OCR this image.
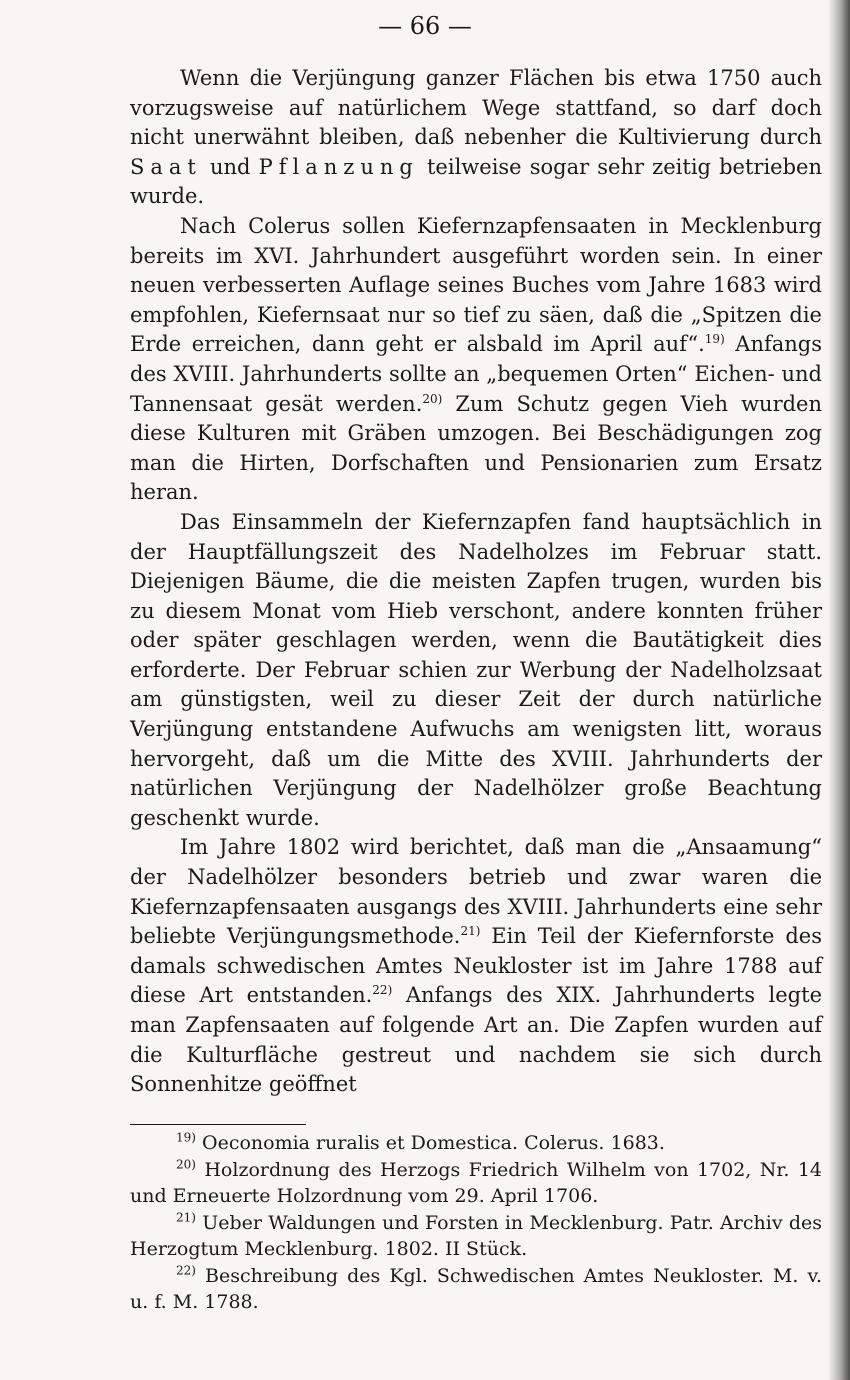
— 66 —

Wenn die Verjüngung ganzer Flächen bis etwa 1750 auch vorzugsweise auf natürlichem Wege stattfand, so darf doch nicht unerwähnt bleiben, daß nebenher die Kultivierung durch Saat und Pflanzung teilweise sogar sehr zeitig betrieben wurde.

Nach Colerus sollen Kiefernzapfensaaten in Mecklenburg bereits im XVI. Jahrhundert ausgeführt worden sein. In einer neuen verbesserten Auflage seines Buches vom Jahre 1683 wird empfohlen, Kiefernsaat nur so tief zu säen, daß die „Spitzen die Erde erreichen, dann geht er alsbald im April auf“.$^{19)}$ Anfangs des XVIII. Jahrhunderts sollte an „bequemen Orten“ Eichen- und Tannensaat gesät werden.$^{20)}$ Zum Schutz gegen Vieh wurden diese Kulturen mit Gräben umzogen. Bei Beschädigungen zog man die Hirten, Dorfschaften und Pensionarien zum Ersatz heran.

Das Einsammeln der Kiefernzapfen fand hauptsächlich in der Hauptfällungszeit des Nadelholzes im Februar statt. Diejenigen Bäume, die die meisten Zapfen trugen, wurden bis zu diesem Monat vom Hieb verschont, andere konnten früher oder später geschlagen werden, wenn die Bautätigkeit dies erforderte. Der Februar schien zur Werbung der Nadelholzsaat am günstigsten, weil zu dieser Zeit der durch natürliche Verjüngung entstandene Aufwuchs am wenigsten litt, woraus hervorgeht, daß um die Mitte des XVIII. Jahrhunderts der natürlichen Verjüngung der Nadelhölzer große Beachtung geschenkt wurde.

Im Jahre 1802 wird berichtet, daß man die „Ansaamung“ der Nadelhölzer besonders betrieb und zwar waren die Kiefernzapfensaaten ausgangs des XVIII. Jahrhunderts eine sehr beliebte Verjüngungsmethode.$^{21)}$ Ein Teil der Kiefernforste des damals schwedischen Amtes Neukloster ist im Jahre 1788 auf diese Art entstanden.$^{22)}$ Anfangs des XIX. Jahrhunderts legte man Zapfensaaten auf folgende Art an. Die Zapfen wurden auf die Kulturfläche gestreut und nachdem sie sich durch Sonnenhitze geöffnet

$^{19)}$ Oeconomia ruralis et Domestica. Colerus. 1683.

$^{20)}$ Holzordnung des Herzogs Friedrich Wilhelm von 1702, Nr. 14 und Erneuerte Holzordnung vom 29. April 1706.

$^{21)}$ Ueber Waldungen und Forsten in Mecklenburg. Patr. Archiv des Herzogtum Mecklenburg. 1802. II Stück.

$^{22)}$ Beschreibung des Kgl. Schwedischen Amtes Neukloster. M. v. u. f. M. 1788.
